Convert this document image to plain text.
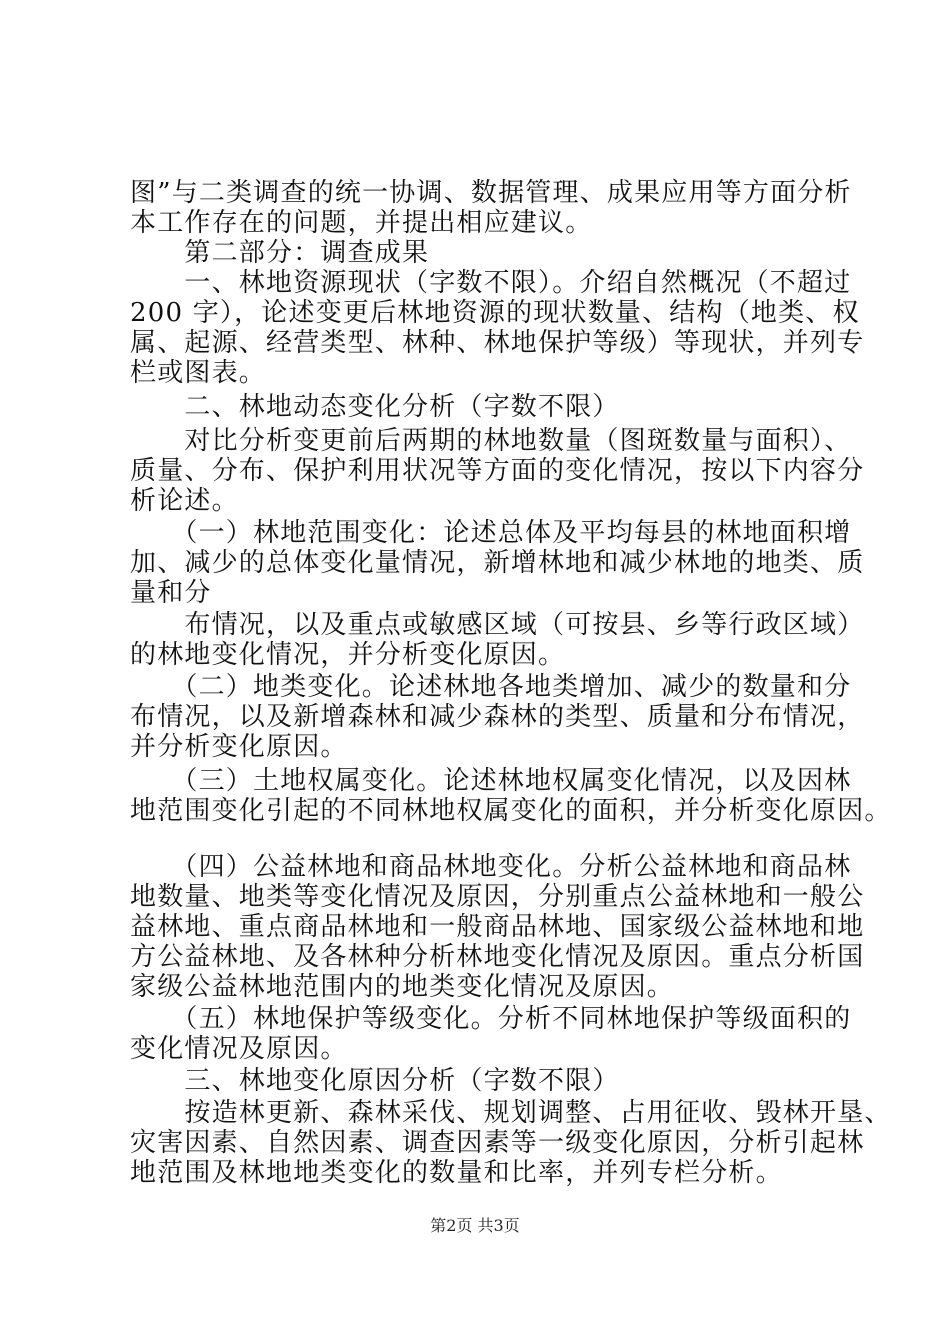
图”与二类调查的统一协调、数据管理、成果应用等方面分析

本工作存在的问题，并提出相应建议。

　　第二部分：调查成果

　　一、林地资源现状（字数不限）。介绍自然概况（不超过

200 字），论述变更后林地资源的现状数量、结构（地类、权

属、起源、经营类型、林种、林地保护等级）等现状，并列专

栏或图表。

　　二、林地动态变化分析（字数不限）

　　对比分析变更前后两期的林地数量（图斑数量与面积）、

质量、分布、保护利用状况等方面的变化情况，按以下内容分

析论述。

　　（一）林地范围变化：论述总体及平均每县的林地面积增

加、减少的总体变化量情况，新增林地和减少林地的地类、质

量和分

　　布情况，以及重点或敏感区域（可按县、乡等行政区域）

的林地变化情况，并分析变化原因。

　　（二）地类变化。论述林地各地类增加、减少的数量和分

布情况，以及新增森林和减少森林的类型、质量和分布情况，

并分析变化原因。

　　（三）土地权属变化。论述林地权属变化情况，以及因林

地范围变化引起的不同林地权属变化的面积，并分析变化原因。

　　（四）公益林地和商品林地变化。分析公益林地和商品林

地数量、地类等变化情况及原因，分别重点公益林地和一般公

益林地、重点商品林地和一般商品林地、国家级公益林地和地

方公益林地、及各林种分析林地变化情况及原因。重点分析国

家级公益林地范围内的地类变化情况及原因。

　　（五）林地保护等级变化。分析不同林地保护等级面积的

变化情况及原因。

　　三、林地变化原因分析（字数不限）

　　按造林更新、森林采伐、规划调整、占用征收、毁林开垦、

灾害因素、自然因素、调查因素等一级变化原因，分析引起林

地范围及林地地类变化的数量和比率，并列专栏分析。

第2页 共3页
